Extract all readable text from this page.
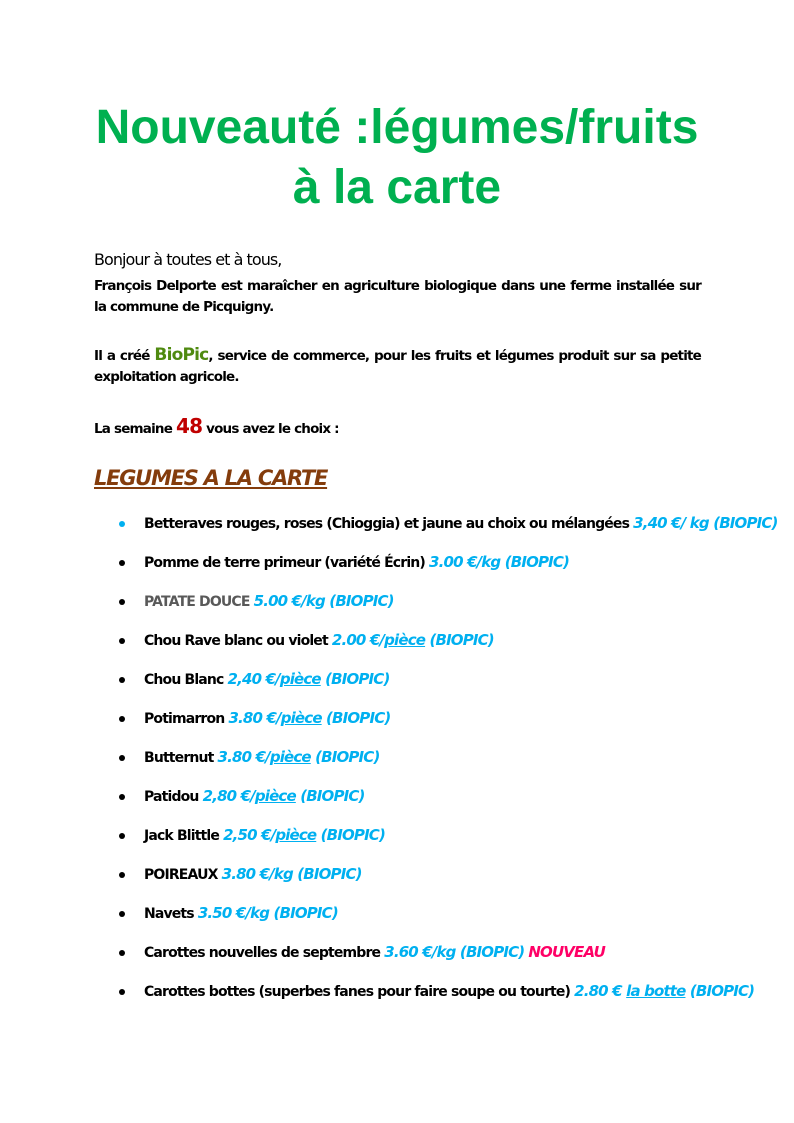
Nouveauté :légumes/fruits
à la carte

Bonjour à toutes et à tous,

François Delporte est maraîcher en agriculture biologique dans une ferme installée sur la commune de Picquigny.

Il a créé BioPic, service de commerce, pour les fruits et légumes produit sur sa petite exploitation agricole.

La semaine 48 vous avez le choix :

LEGUMES A LA CARTE
Betteraves rouges, roses (Chioggia) et jaune au choix ou mélangées 3,40 €/ kg (BIOPIC)
Pomme de terre primeur (variété Écrin) 3.00 €/kg (BIOPIC)
PATATE DOUCE 5.00 €/kg (BIOPIC)
Chou Rave blanc ou violet 2.00 €/pièce (BIOPIC)
Chou Blanc 2,40 €/pièce (BIOPIC)
Potimarron 3.80 €/pièce (BIOPIC)
Butternut 3.80 €/pièce (BIOPIC)
Patidou 2,80 €/pièce (BIOPIC)
Jack Blittle 2,50 €/pièce (BIOPIC)
POIREAUX 3.80 €/kg (BIOPIC)
Navets 3.50 €/kg (BIOPIC)
Carottes nouvelles de septembre 3.60 €/kg (BIOPIC) NOUVEAU
Carottes bottes (superbes fanes pour faire soupe ou tourte) 2.80 € la botte (BIOPIC)
